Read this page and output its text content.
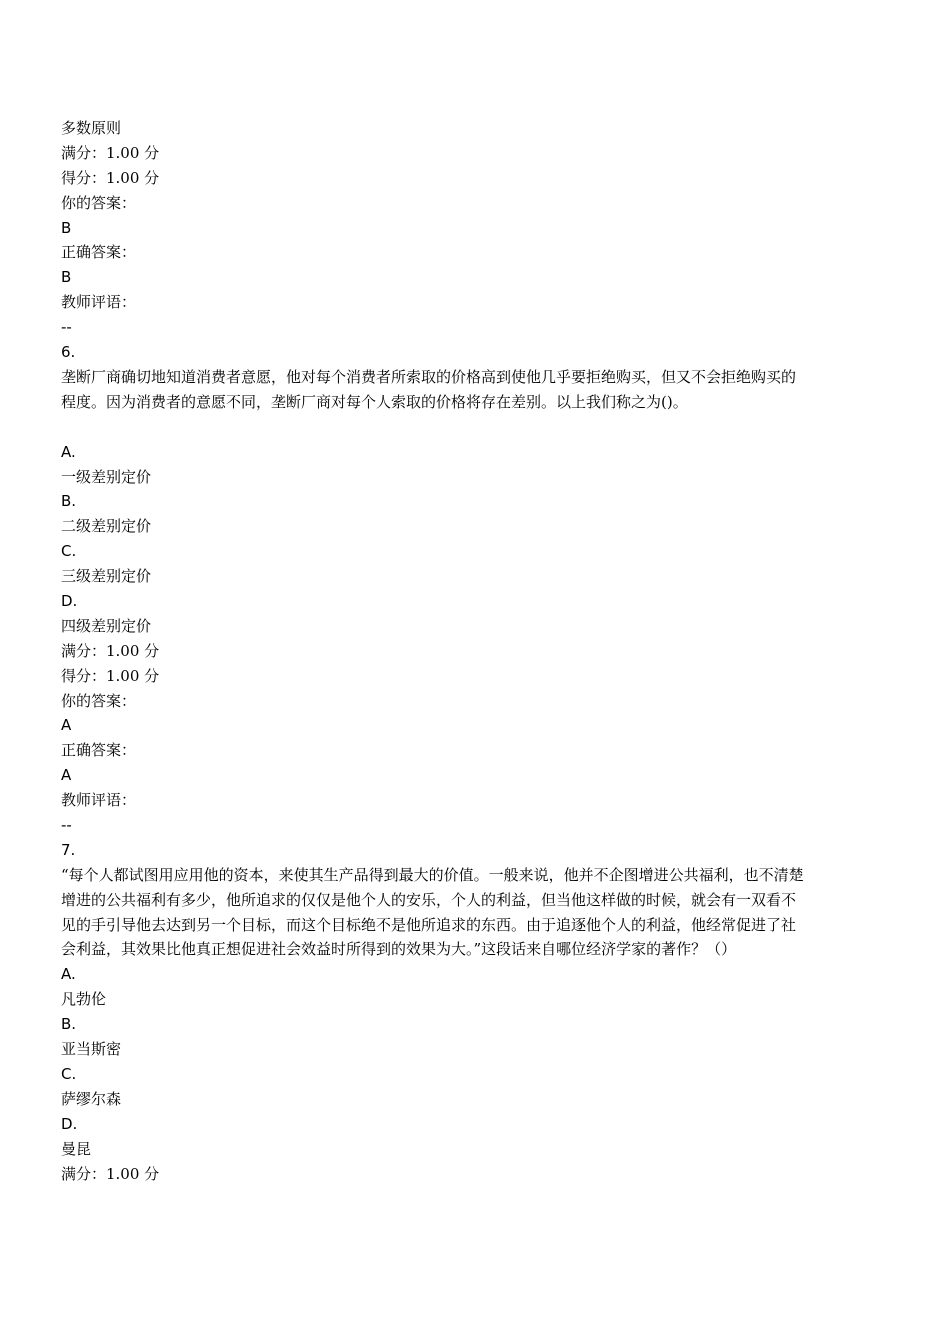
多数原则
满分：1.00 分
得分：1.00 分
你的答案：
B
正确答案：
B
教师评语：
--
6.
垄断厂商确切地知道消费者意愿，他对每个消费者所索取的价格高到使他几乎要拒绝购买，但又不会拒绝购买的程度。因为消费者的意愿不同，垄断厂商对每个人索取的价格将存在差别。以上我们称之为()。
A.
一级差别定价
B.
二级差别定价
C.
三级差别定价
D.
四级差别定价
满分：1.00 分
得分：1.00 分
你的答案：
A
正确答案：
A
教师评语：
--
7.
“每个人都试图用应用他的资本，来使其生产品得到最大的价值。一般来说，他并不企图增进公共福利，也不清楚增进的公共福利有多少，他所追求的仅仅是他个人的安乐，个人的利益，但当他这样做的时候，就会有一双看不见的手引导他去达到另一个目标，而这个目标绝不是他所追求的东西。由于追逐他个人的利益，他经常促进了社会利益，其效果比他真正想促进社会效益时所得到的效果为大。”这段话来自哪位经济学家的著作？（）
A.
凡勃伦
B.
亚当斯密
C.
萨缪尔森
D.
曼昆
满分：1.00 分
